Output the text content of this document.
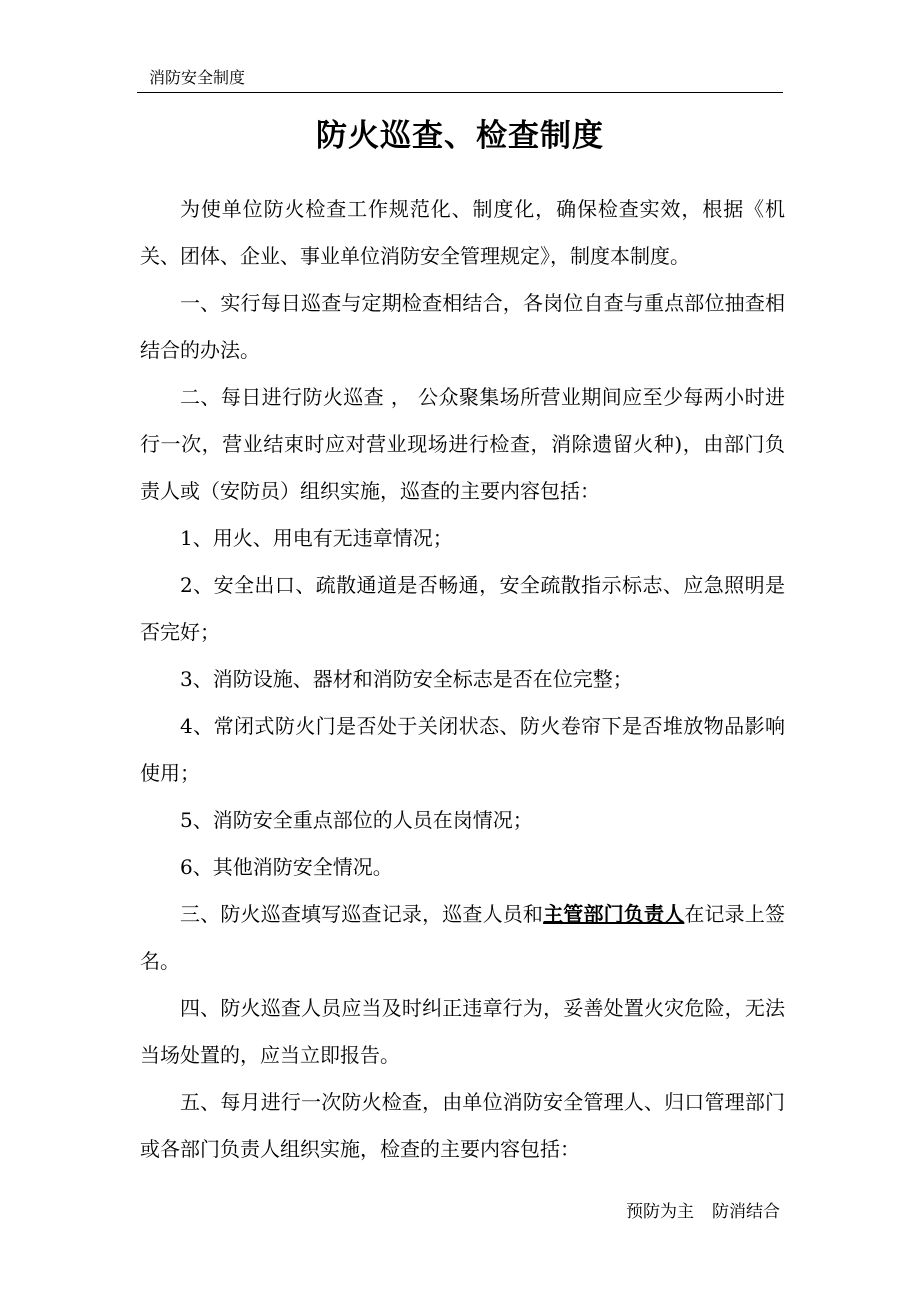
消防安全制度
防火巡查、检查制度

为使单位防火检查工作规范化、制度化，确保检查实效，根据《机关、团体、企业、事业单位消防安全管理规定》，制度本制度。

一、实行每日巡查与定期检查相结合，各岗位自查与重点部位抽查相结合的办法。

二、每日进行防火巡查 ， 公众聚集场所营业期间应至少每两小时进行一次，营业结束时应对营业现场进行检查，消除遗留火种)，由部门负责人或（安防员）组织实施，巡查的主要内容包括：

1、用火、用电有无违章情况；

2、安全出口、疏散通道是否畅通，安全疏散指示标志、应急照明是否完好；

3、消防设施、器材和消防安全标志是否在位完整；

4、常闭式防火门是否处于关闭状态、防火卷帘下是否堆放物品影响使用；

5、消防安全重点部位的人员在岗情况；

6、其他消防安全情况。

三、防火巡查填写巡查记录，巡查人员和主管部门负责人在记录上签名。

四、防火巡查人员应当及时纠正违章行为，妥善处置火灾危险，无法当场处置的，应当立即报告。

五、每月进行一次防火检查，由单位消防安全管理人、归口管理部门或各部门负责人组织实施，检查的主要内容包括：

预防为主 防消结合
